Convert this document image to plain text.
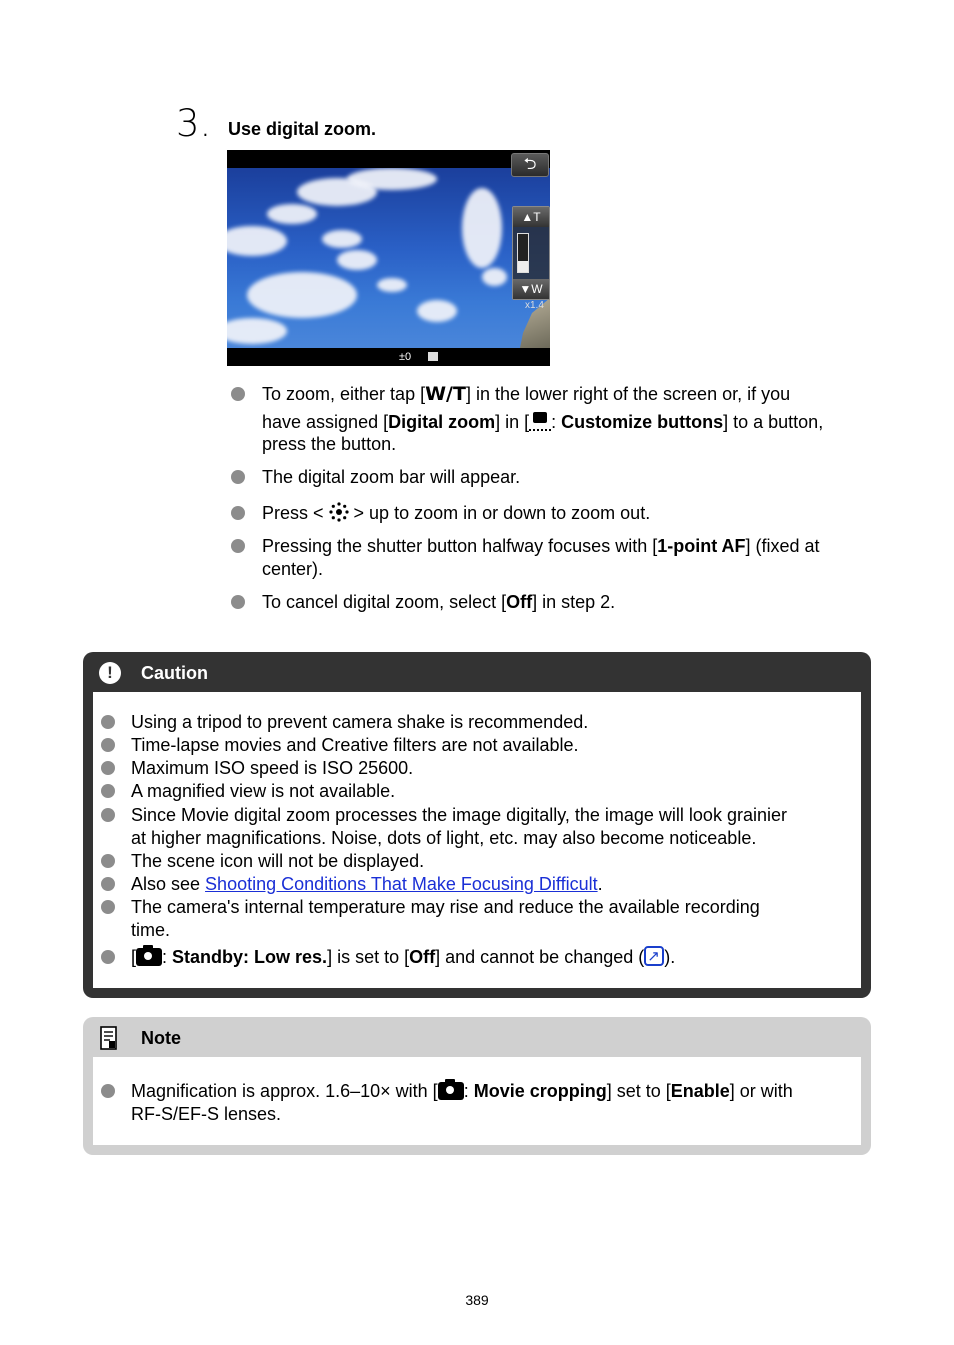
3. Use digital zoom.
⮌
▲T
▼W
x1.4
±0
To zoom, either tap [W/T] in the lower right of the screen or, if you
have assigned [Digital zoom] in [ : Customize buttons] to a button,
press the button.
The digital zoom bar will appear.
Press <  > up to zoom in or down to zoom out.
Pressing the shutter button halfway focuses with [1-point AF] (fixed at
center).
To cancel digital zoom, select [Off] in step 2.
!	Caution
Using a tripod to prevent camera shake is recommended.
Time-lapse movies and Creative filters are not available.
Maximum ISO speed is ISO 25600.
A magnified view is not available.
Since Movie digital zoom processes the image digitally, the image will look grainier
at higher magnifications. Noise, dots of light, etc. may also become noticeable.
The scene icon will not be displayed.
Also see Shooting Conditions That Make Focusing Difficult.
The camera's internal temperature may rise and reduce the available recording
time.
[ : Standby: Low res.] is set to [Off] and cannot be changed (↗ ).
Note
Magnification is approx. 1.6–10× with [ : Movie cropping] set to [Enable] or with
RF-S/EF-S lenses.
389
